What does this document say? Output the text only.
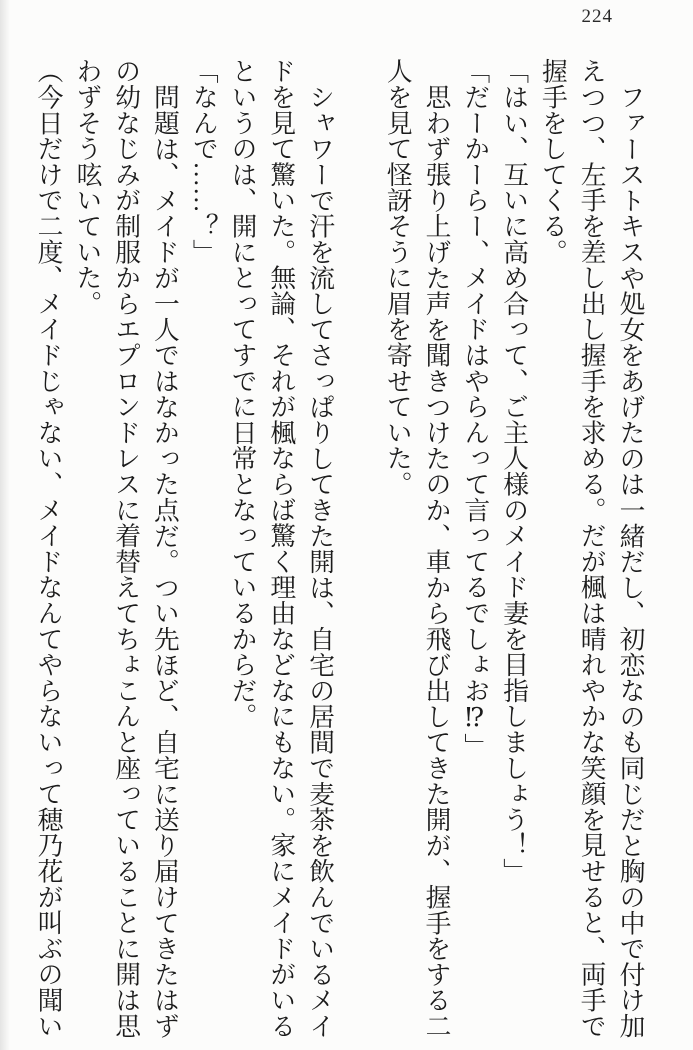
224

ファーストキスや処女をあげたのは一緒だし、初恋なのも同じだと胸の中で付け加えつつ、左手を差し出し握手を求める。だが楓は晴れやかな笑顔を見せると、両手で握手をしてくる。

「はい、互いに高め合って、ご主人様のメイド妻を目指しましょう！」

「だーかーらー、メイドはやらんって言ってるでしょお⁉」

思わず張り上げた声を聞きつけたのか、車から飛び出してきた開が、握手をする二人を見て怪訝そうに眉を寄せていた。

シャワーで汗を流してさっぱりしてきた開は、自宅の居間で麦茶を飲んでいるメイドを見て驚いた。無論、それが楓ならば驚く理由などなにもない。家にメイドがいるというのは、開にとってすでに日常となっているからだ。

「なんで……？」

問題は、メイドが一人ではなかった点だ。つい先ほど、自宅に送り届けてきたはずの幼なじみが制服からエプロンドレスに着替えてちょこんと座っていることに開は思わずそう呟いていた。

（今日だけで二度、メイドじゃない、メイドなんてやらないって穂乃花が叫ぶの聞い
